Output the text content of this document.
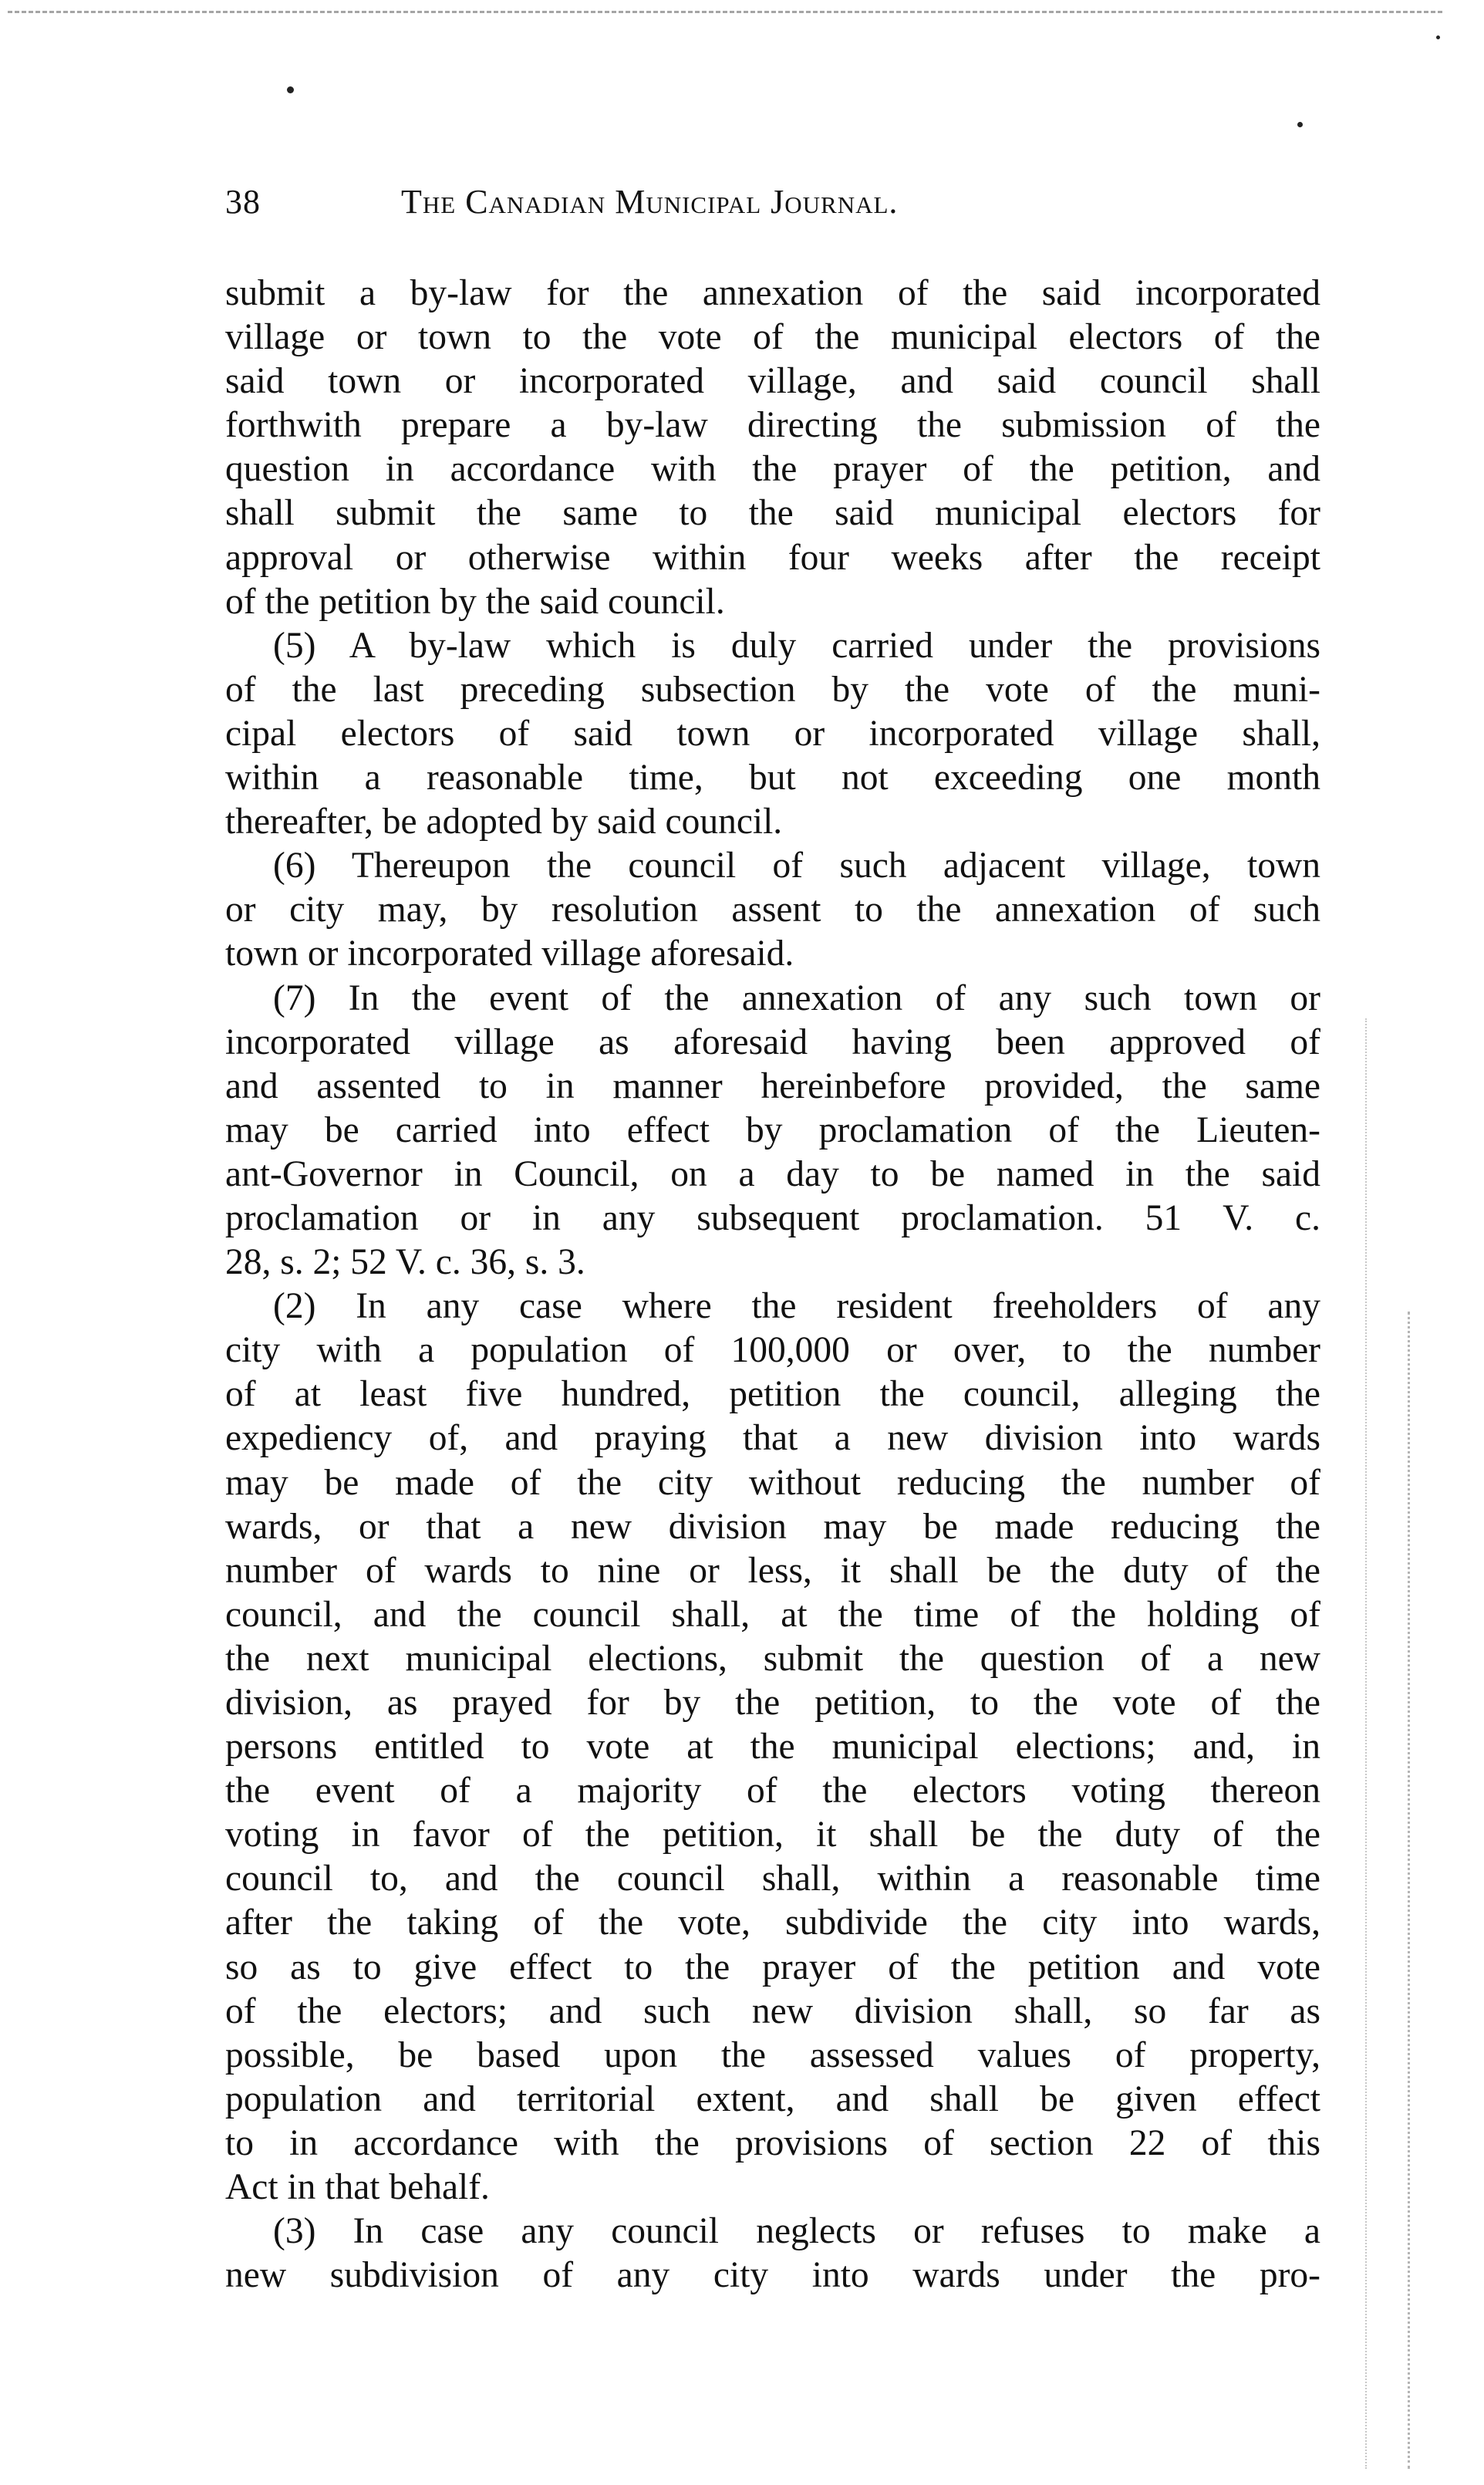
38	The Canadian Municipal Journal.

submit a by-law for the annexation of the said incorporated

village or town to the vote of the municipal electors of the

said town or incorporated village, and said council shall

forthwith prepare a by-law directing the submission of the

question in accordance with the prayer of the petition, and

shall submit the same to the said municipal electors for

approval or otherwise within four weeks after the receipt

of the petition by the said council.

(5) A by-law which is duly carried under the provisions

of the last preceding subsection by the vote of the muni-

cipal electors of said town or incorporated village shall,

within a reasonable time, but not exceeding one month

thereafter, be adopted by said council.

(6) Thereupon the council of such adjacent village, town

or city may, by resolution assent to the annexation of such

town or incorporated village aforesaid.

(7) In the event of the annexation of any such town or

incorporated village as aforesaid having been approved of

and assented to in manner hereinbefore provided, the same

may be carried into effect by proclamation of the Lieuten-

ant-Governor in Council, on a day to be named in the said

proclamation or in any subsequent proclamation. 51 V. c.

28, s. 2; 52 V. c. 36, s. 3.

(2) In any case where the resident freeholders of any

city with a population of 100,000 or over, to the number

of at least five hundred, petition the council, alleging the

expediency of, and praying that a new division into wards

may be made of the city without reducing the number of

wards, or that a new division may be made reducing the

number of wards to nine or less, it shall be the duty of the

council, and the council shall, at the time of the holding of

the next municipal elections, submit the question of a new

division, as prayed for by the petition, to the vote of the

persons entitled to vote at the municipal elections; and, in

the event of a majority of the electors voting thereon

voting in favor of the petition, it shall be the duty of the

council to, and the council shall, within a reasonable time

after the taking of the vote, subdivide the city into wards,

so as to give effect to the prayer of the petition and vote

of the electors; and such new division shall, so far as

possible, be based upon the assessed values of property,

population and territorial extent, and shall be given effect

to in accordance with the provisions of section 22 of this

Act in that behalf.

(3) In case any council neglects or refuses to make a

new subdivision of any city into wards under the pro-
